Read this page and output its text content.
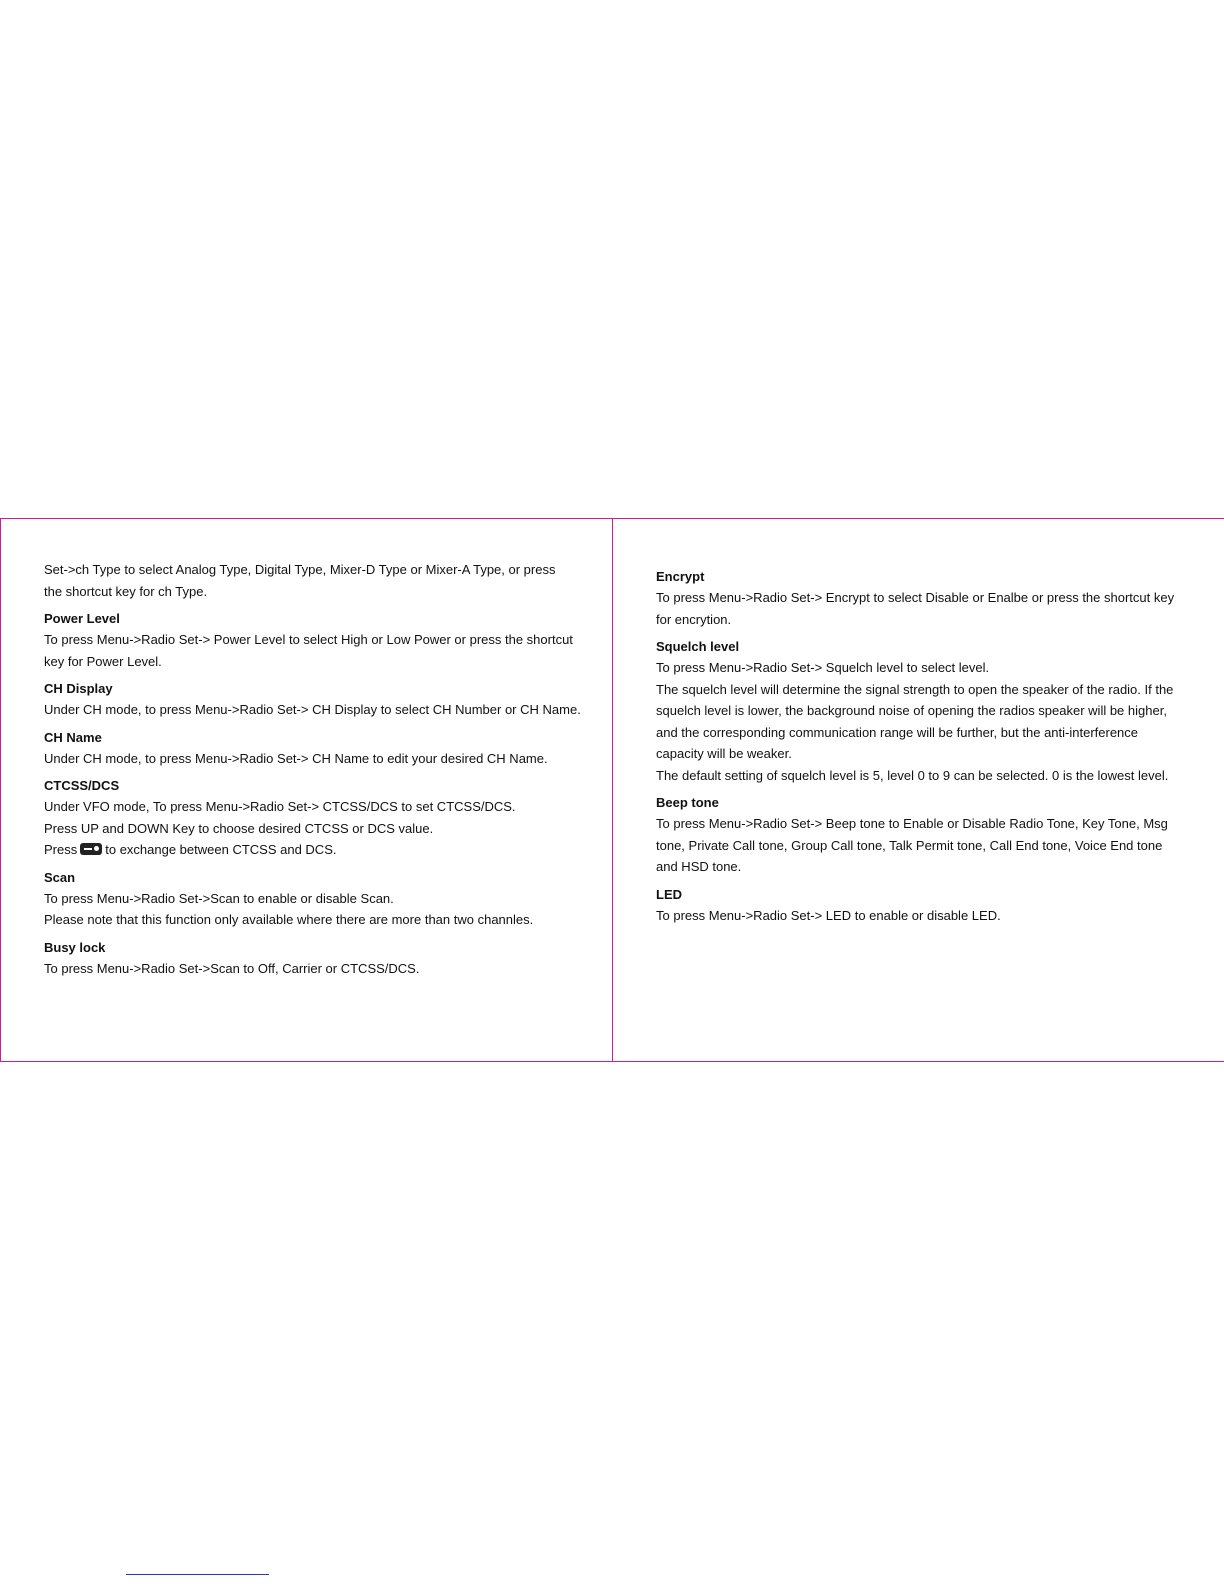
Set->ch Type to select Analog Type, Digital Type, Mixer-D Type or Mixer-A Type, or press

the shortcut key for ch Type.

Power Level

To press Menu->Radio Set-> Power Level to select High or Low Power or press the shortcut

key for Power Level.

CH Display

Under CH mode, to press Menu->Radio Set-> CH Display to select CH Number or CH Name.

CH Name

Under CH mode, to press Menu->Radio Set-> CH Name to edit your desired CH Name.

CTCSS/DCS

Under VFO mode, To press Menu->Radio Set-> CTCSS/DCS to set CTCSS/DCS.

Press UP and DOWN Key to choose desired CTCSS or DCS value.

Press to exchange between CTCSS and DCS.

Scan

To press Menu->Radio Set->Scan to enable or disable Scan.

Please note that this function only available where there are more than two channles.

Busy lock

To press Menu->Radio Set->Scan to Off, Carrier or CTCSS/DCS.

Encrypt

To press Menu->Radio Set-> Encrypt to select Disable or Enalbe or press the shortcut key

for encrytion.

Squelch level

To press Menu->Radio Set-> Squelch level to select level.

The squelch level will determine the signal strength to open the speaker of the radio. If the

squelch level is lower, the background noise of opening the radios speaker will be higher,

and the corresponding communication range will be further, but the anti-interference

capacity will be weaker.

The default setting of squelch level is 5, level 0 to 9 can be selected. 0 is the lowest level.

Beep tone

To press Menu->Radio Set-> Beep tone to Enable or Disable Radio Tone, Key Tone, Msg

tone, Private Call tone, Group Call tone, Talk Permit tone, Call End tone, Voice End tone

and HSD tone.

LED

To press Menu->Radio Set-> LED to enable or disable LED.
